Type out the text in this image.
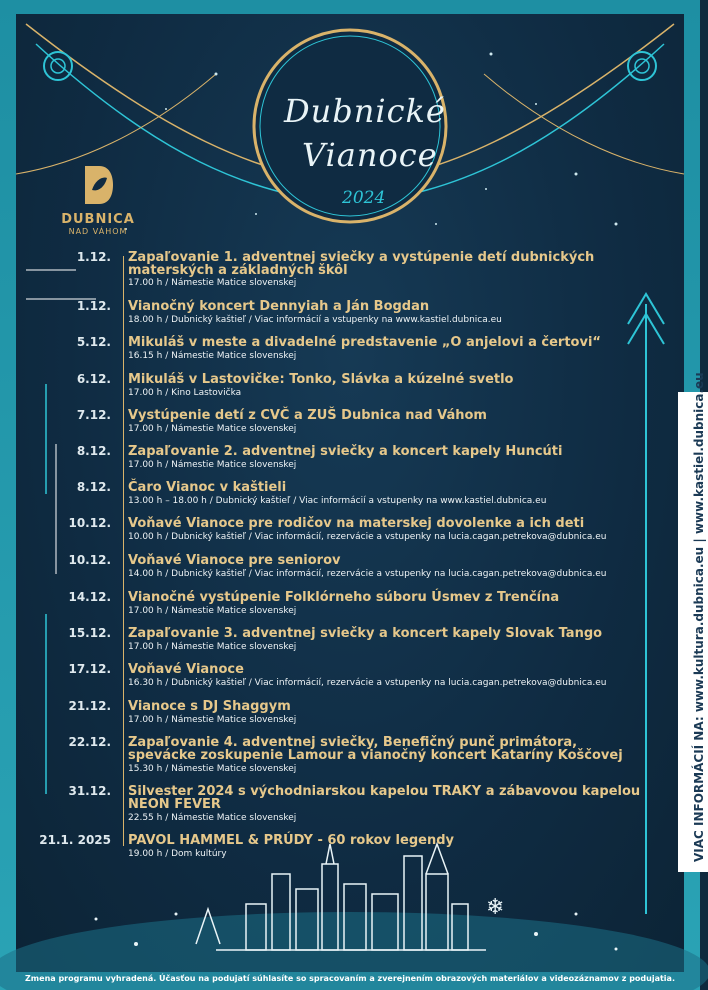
❄
DUBNICA
NAD VÁHOM
Dubnické
Vianoce
2024
1.12. Zapaľovanie 1. adventnej sviečky a vystúpenie detí dubnických materských a základných škôl
17.00 h / Námestie Matice slovenskej
1.12. Vianočný koncert Dennyiah a Ján Bogdan
18.00 h / Dubnický kaštieľ / Viac informácií a vstupenky na www.kastiel.dubnica.eu
5.12. Mikuláš v meste a divadelné predstavenie „O anjelovi a čertovi“
16.15 h / Námestie Matice slovenskej
6.12. Mikuláš v Lastovičke: Tonko, Slávka a kúzelné svetlo
17.00 h / Kino Lastovička
7.12. Vystúpenie detí z CVČ a ZUŠ Dubnica nad Váhom
17.00 h / Námestie Matice slovenskej
8.12. Zapaľovanie 2. adventnej sviečky a koncert kapely Huncúti
17.00 h / Námestie Matice slovenskej
8.12. Čaro Vianoc v kaštieli
13.00 h – 18.00 h / Dubnický kaštieľ / Viac informácií a vstupenky na www.kastiel.dubnica.eu
10.12. Voňavé Vianoce pre rodičov na materskej dovolenke a ich deti
10.00 h / Dubnický kaštieľ / Viac informácií, rezervácie a vstupenky na lucia.cagan.petrekova@dubnica.eu
10.12. Voňavé Vianoce pre seniorov
14.00 h / Dubnický kaštieľ / Viac informácií, rezervácie a vstupenky na lucia.cagan.petrekova@dubnica.eu
14.12. Vianočné vystúpenie Folklórneho súboru Úsmev z Trenčína
17.00 h / Námestie Matice slovenskej
15.12. Zapaľovanie 3. adventnej sviečky a koncert kapely Slovak Tango
17.00 h / Námestie Matice slovenskej
17.12. Voňavé Vianoce
16.30 h / Dubnický kaštieľ / Viac informácií, rezervácie a vstupenky na lucia.cagan.petrekova@dubnica.eu
21.12. Vianoce s DJ Shaggym
17.00 h / Námestie Matice slovenskej
22.12. Zapaľovanie 4. adventnej sviečky, Benefičný punč primátora, spevácke zoskupenie Lamour a vianočný koncert Kataríny Koščovej
15.30 h / Námestie Matice slovenskej
31.12. Silvester 2024 s východniarskou kapelou TRAKY a zábavovou kapelou NEON FEVER
22.55 h / Námestie Matice slovenskej
21.1. 2025 PAVOL HAMMEL & PRÚDY - 60 rokov legendy
19.00 h / Dom kultúry	VIAC INFORMÁCIÍ NA: www.kultura.dubnica.eu | www.kastiel.dubnica.eu
Zmena programu vyhradená. Účasťou na podujatí súhlasíte so spracovaním a zverejnením obrazových materiálov a videozáznamov z podujatia.
